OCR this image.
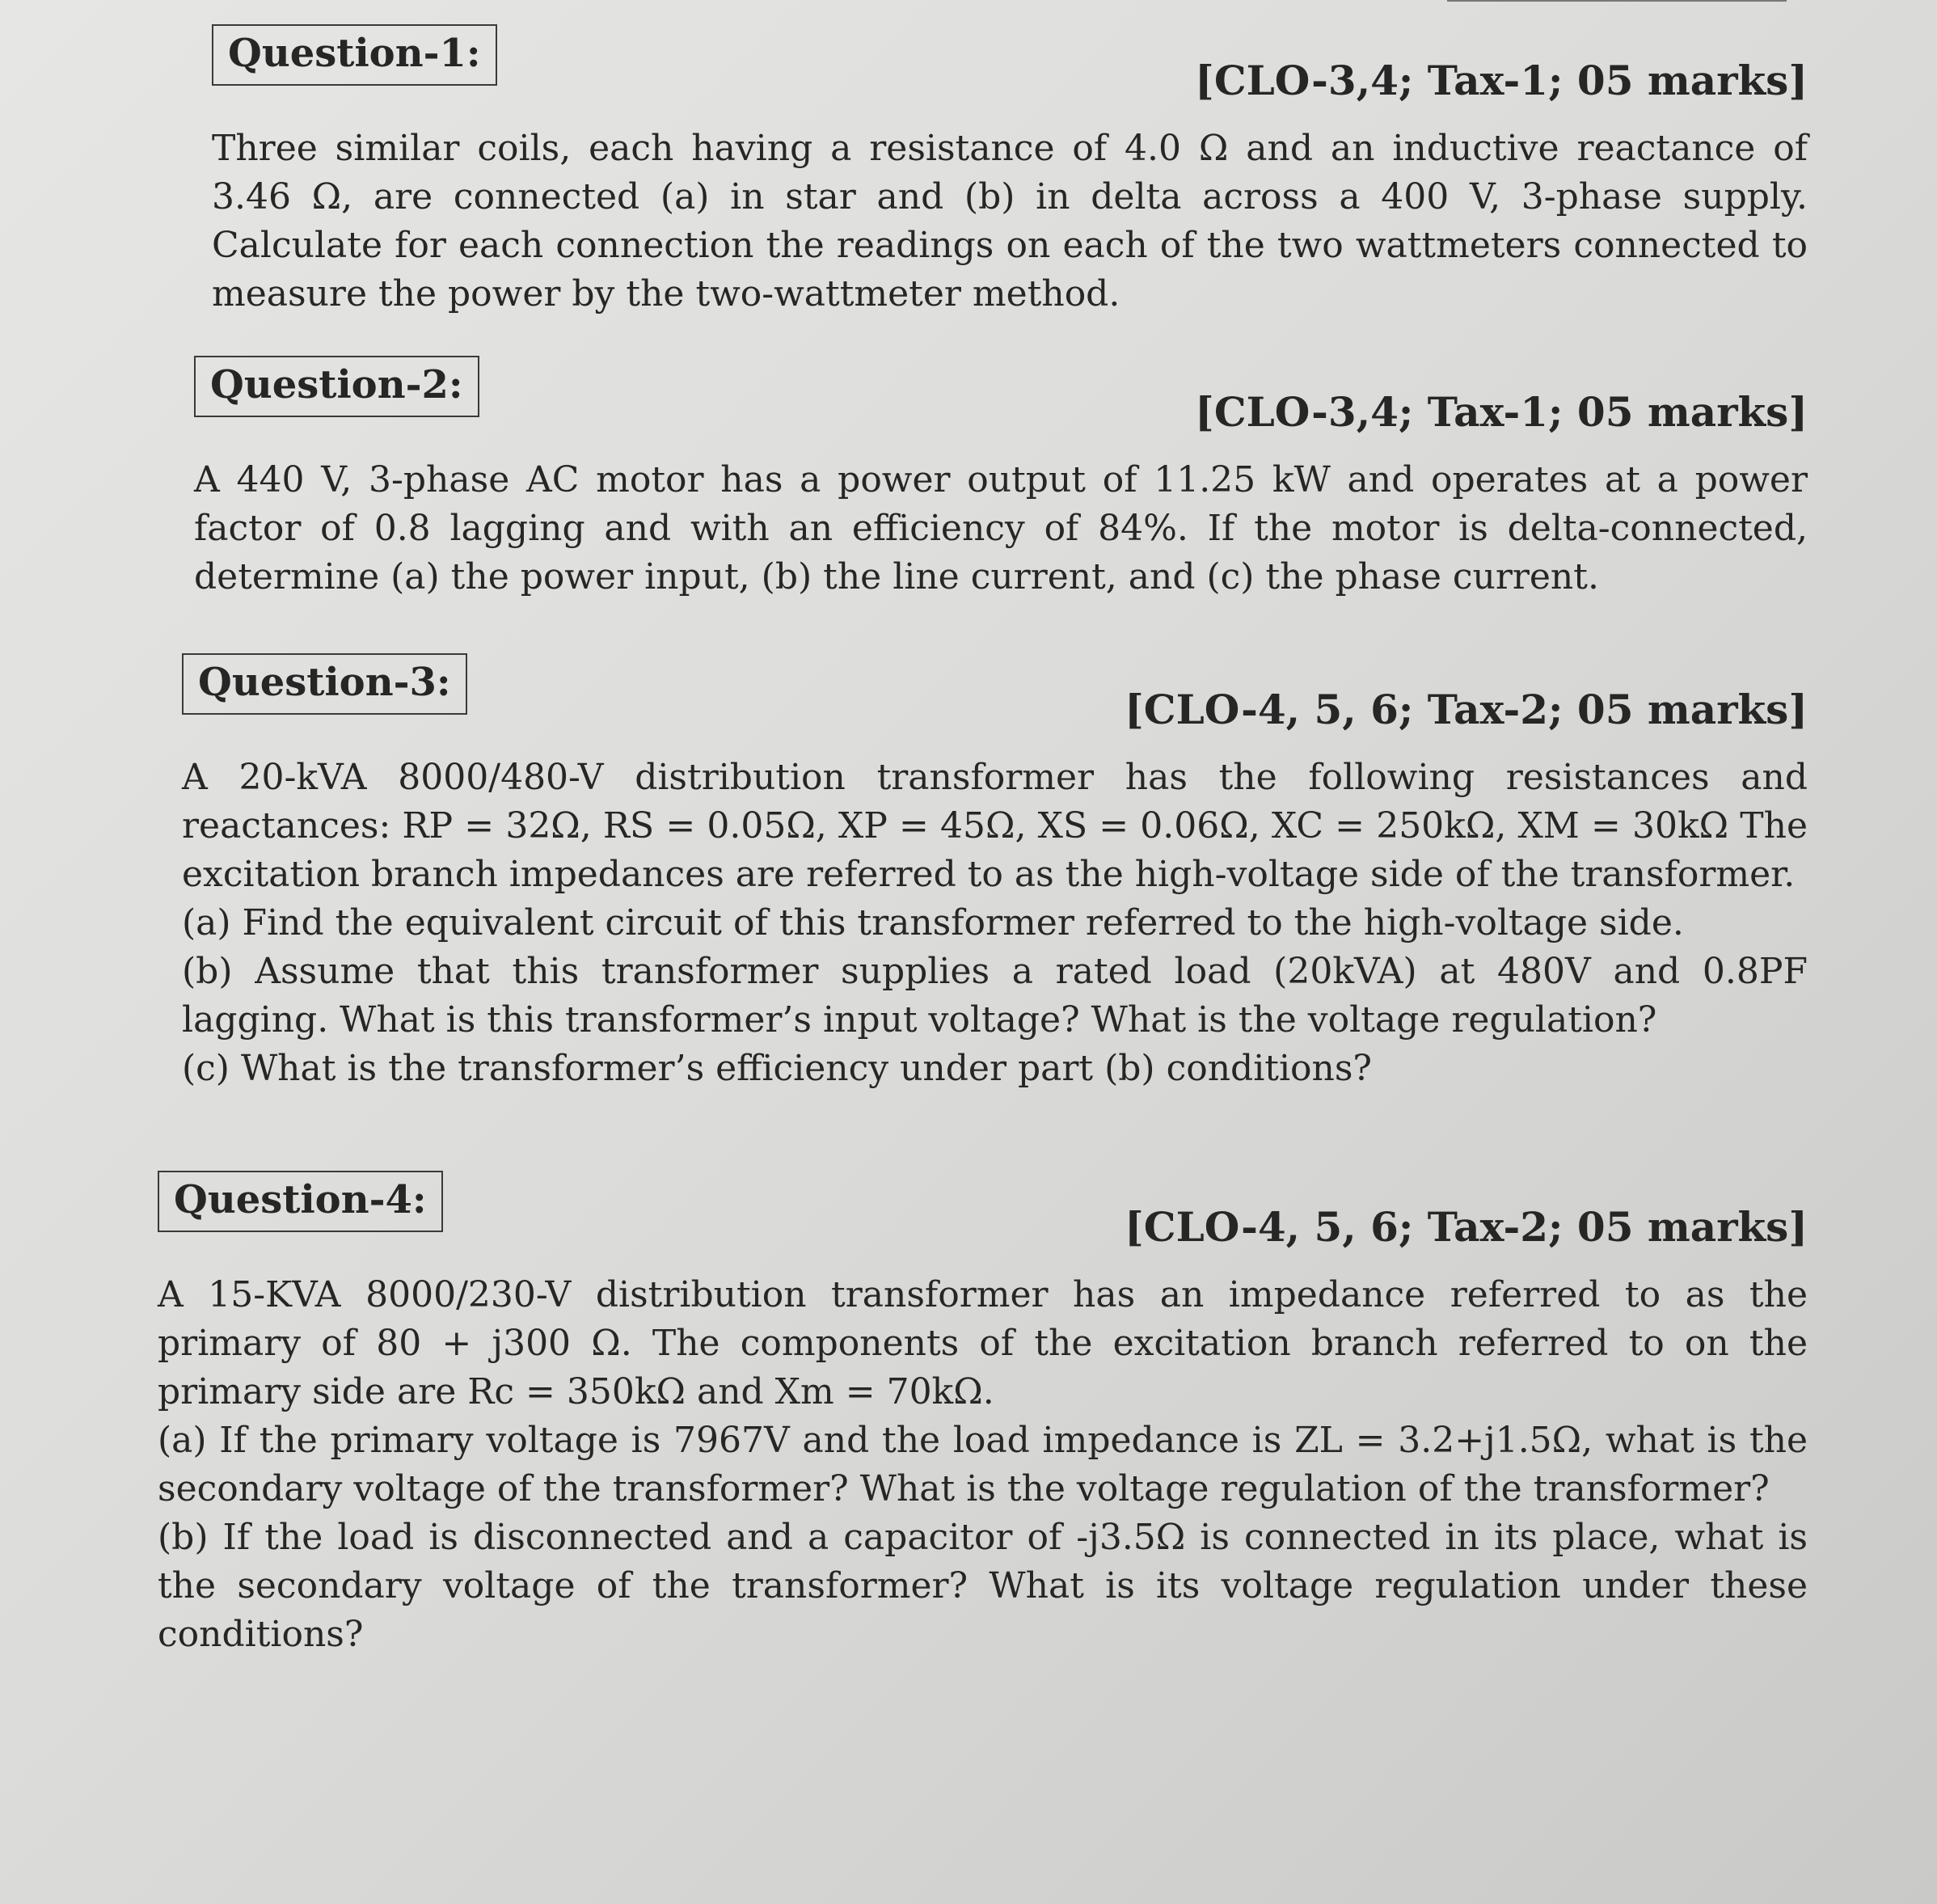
Question-1:
[CLO-3,4; Tax-1; 05 marks]

Three similar coils, each having a resistance of 4.0 Ω and an inductive reactance of 3.46 Ω, are connected (a) in star and (b) in delta across a 400 V, 3-phase supply. Calculate for each connection the readings on each of the two wattmeters connected to measure the power by the two-wattmeter method.

Question-2:
[CLO-3,4; Tax-1; 05 marks]

A 440 V, 3-phase AC motor has a power output of 11.25 kW and operates at a power factor of 0.8 lagging and with an efficiency of 84%. If the motor is delta-connected, determine (a) the power input, (b) the line current, and (c) the phase current.

Question-3:
[CLO-4, 5, 6; Tax-2; 05 marks]

A 20-kVA 8000/480-V distribution transformer has the following resistances and reactances: RP = 32Ω, RS = 0.05Ω, XP = 45Ω, XS = 0.06Ω, XC = 250kΩ, XM = 30kΩ The excitation branch impedances are referred to as the high-voltage side of the transformer.

(a) Find the equivalent circuit of this transformer referred to the high-voltage side.

(b) Assume that this transformer supplies a rated load (20kVA) at 480V and 0.8PF lagging. What is this transformer’s input voltage? What is the voltage regulation?

(c) What is the transformer’s efficiency under part (b) conditions?

Question-4:
[CLO-4, 5, 6; Tax-2; 05 marks]

A 15-KVA 8000/230-V distribution transformer has an impedance referred to as the primary of 80 + j300 Ω. The components of the excitation branch referred to on the primary side are Rc = 350kΩ and Xm = 70kΩ.

(a) If the primary voltage is 7967V and the load impedance is ZL = 3.2+j1.5Ω, what is the secondary voltage of the transformer? What is the voltage regulation of the transformer?

(b) If the load is disconnected and a capacitor of -j3.5Ω is connected in its place, what is the secondary voltage of the transformer? What is its voltage regulation under these conditions?
